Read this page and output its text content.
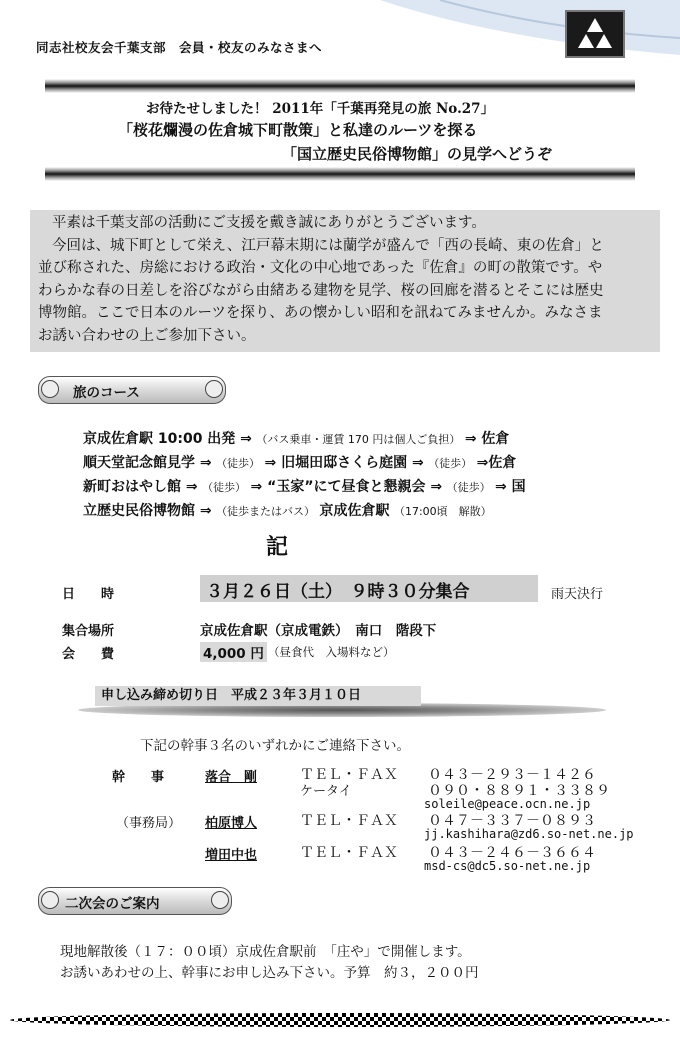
同志社校友会千葉支部　会員・校友のみなさまへ
お待たせしました！ 2011年「千葉再発見の旅 No.27」
「桜花爛漫の佐倉城下町散策」と私達のルーツを探る
「国立歴史民俗博物館」の見学へどうぞ

平素は千葉支部の活動にご支援を戴き誠にありがとうございます。

今回は、城下町として栄え、江戸幕末期には蘭学が盛んで「西の長崎、東の佐倉」と

並び称された、房総における政治・文化の中心地であった『佐倉』の町の散策です。や

わらかな春の日差しを浴びながら由緒ある建物を見学、桜の回廊を潜るとそこには歴史

博物館。ここで日本のルーツを探り、あの懐かしい昭和を訊ねてみませんか。みなさま

お誘い合わせの上ご参加下さい。

旅のコース
京成佐倉駅 10:00 出発 ⇒ （バス乗車・運賃 170 円は個人ご負担） ⇒ 佐倉
順天堂記念館見学 ⇒ （徒歩） ⇒ 旧堀田邸さくら庭園 ⇒ （徒歩） ⇒佐倉
新町おはやし館 ⇒ （徒歩） ⇒ “玉家”にて昼食と懇親会 ⇒ （徒歩） ⇒ 国
立歴史民俗博物館 ⇒ （徒歩またはバス） 京成佐倉駅 （17:00頃　解散）
記
日　　時	３月２６日（土）　９時３０分集合	雨天決行
集合場所	京成佐倉駅（京成電鉄）　南口　階段下
会　　費	4,000 円 （昼食代　入場料など）
申し込み締め切り日　平成２３年３月１０日
下記の幹事３名のいずれかにご連絡下さい。
幹　　事	落合　剛	ＴＥＬ・ＦＡＸ ０４３－２９３－１４２６
ケータイ	０９０・８８９１・３３８９
soleile@peace.ocn.ne.jp
（事務局） 柏原博人	ＴＥＬ・ＦＡＸ ０４７－３３７－０８９３
jj.kashihara@zd6.so-net.ne.jp
増田中也	ＴＥＬ・ＦＡＸ ０４３－２４６－３６６４
msd-cs@dc5.so-net.ne.jp
二次会のご案内
現地解散後（１７：００頃）京成佐倉駅前　「庄や」で開催します。
お誘いあわせの上、幹事にお申し込み下さい。予算　約３，２００円
